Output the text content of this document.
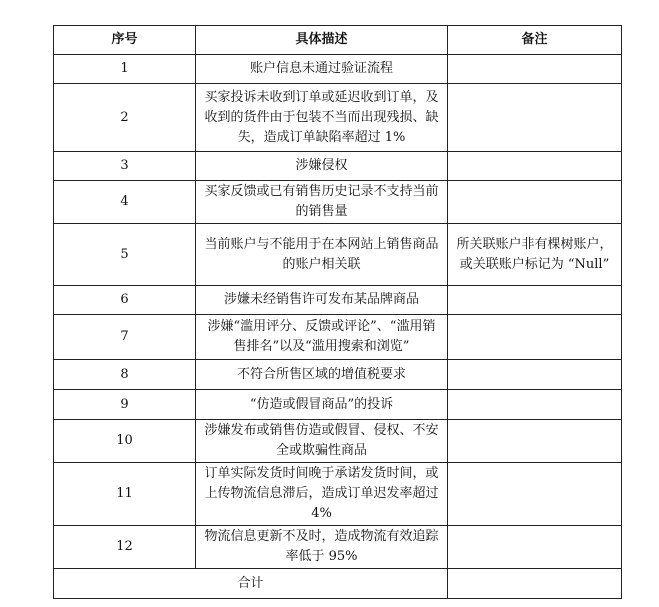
序号	具体描述	备注
1	账户信息未通过验证流程	
2	买家投诉未收到订单或延迟收到订单，及收到的货件由于包装不当而出现残损、缺失，造成订单缺陷率超过 1%	
3	涉嫌侵权	
4	买家反馈或已有销售历史记录不支持当前的销售量	
5	当前账户与不能用于在本网站上销售商品的账户相关联	所关联账户非有棵树账户，或关联账户标记为 “Null”
6	涉嫌未经销售许可发布某品牌商品	
7	涉嫌“滥用评分、反馈或评论”、“滥用销售排名”以及“滥用搜索和浏览”	
8	不符合所售区域的增值税要求	
9	“仿造或假冒商品”的投诉	
10	涉嫌发布或销售仿造或假冒、侵权、不安全或欺骗性商品	
11	订单实际发货时间晚于承诺发货时间，或上传物流信息滞后，造成订单迟发率超过 4%	
12	物流信息更新不及时，造成物流有效追踪率低于 95%	
合计		
